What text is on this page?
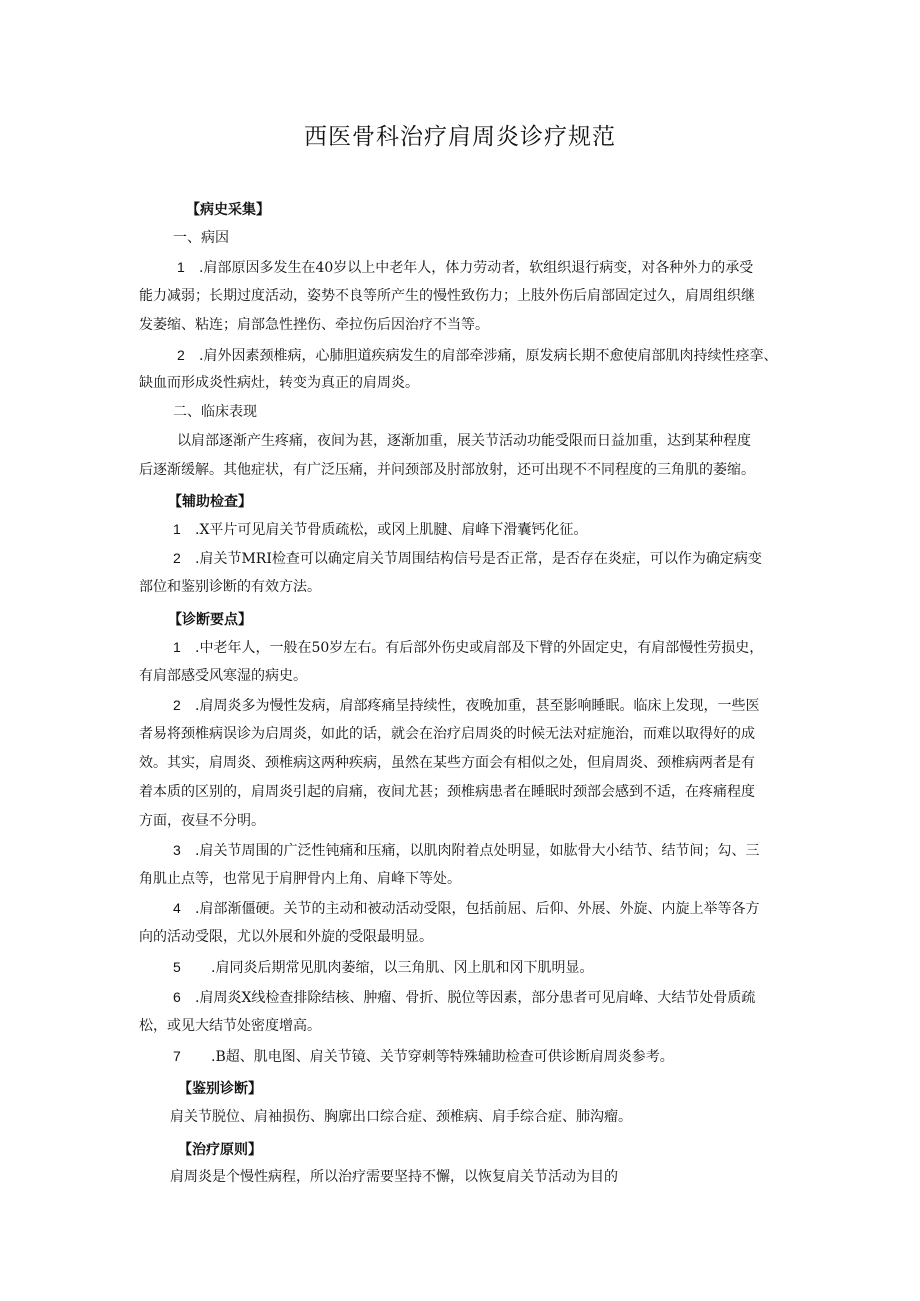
西医骨科治疗肩周炎诊疗规范
【病史采集】

一、病因

1 .肩部原因多发生在40岁以上中老年人，体力劳动者，软组织退行病变，对各种外力的承受

能力减弱；长期过度活动，姿势不良等所产生的慢性致伤力；上肢外伤后肩部固定过久，肩周组织继

发萎缩、粘连；肩部急性挫伤、牵拉伤后因治疗不当等。

2 .肩外因素颈椎病，心肺胆道疾病发生的肩部牵涉痛，原发病长期不愈使肩部肌肉持续性痉挛、

缺血而形成炎性病灶，转变为真正的肩周炎。

二、临床表现

以肩部逐渐产生疼痛，夜间为甚，逐渐加重，展关节活动功能受限而日益加重，达到某种程度

后逐渐缓解。其他症状，有广泛压痛，并问颈部及肘部放射，还可出现不不同程度的三角肌的萎缩。

【辅助检查】

1 .X平片可见肩关节骨质疏松，或冈上肌腱、肩峰下滑囊钙化征。

2 .肩关节MRI检查可以确定肩关节周围结构信号是否正常，是否存在炎症，可以作为确定病变

部位和鉴别诊断的有效方法。

【诊断要点】

1 .中老年人，一般在50岁左右。有后部外伤史或肩部及下臂的外固定史，有肩部慢性劳损史，

有肩部感受风寒湿的病史。

2 .肩周炎多为慢性发病，肩部疼痛呈持续性，夜晚加重，甚至影响睡眠。临床上发现，一些医

者易将颈椎病误诊为启周炎，如此的话，就会在治疗启周炎的时候无法对症施治，而难以取得好的成

效。其实，肩周炎、颈椎病这两种疾病，虽然在某些方面会有相似之处，但肩周炎、颈椎病两者是有

着本质的区别的，肩周炎引起的肩痛，夜间尤甚；颈椎病患者在睡眠时颈部会感到不适，在疼痛程度

方面，夜昼不分明。

3 .肩关节周围的广泛性钝痛和压痛，以肌肉附着点处明显，如肱骨大小结节、结节间；勾、三

角肌止点等，也常见于肩胛骨内上角、肩峰下等处。

4 .肩部渐僵硬。关节的主动和被动活动受限，包括前屈、后仰、外展、外旋、内旋上举等各方

向的活动受限，尤以外展和外旋的受限最明显。

5 .肩同炎后期常见肌肉萎缩，以三角肌、冈上肌和冈下肌明显。

6 .肩周炎X线检查排除结核、肿瘤、骨折、脱位等因素，部分患者可见肩峰、大结节处骨质疏

松，或见大结节处密度增高。

7 .B超、肌电图、肩关节镜、关节穿刺等特殊辅助检查可供诊断肩周炎参考。

【鉴别诊断】

肩关节脱位、肩袖损伤、胸廓出口综合症、颈椎病、肩手综合症、肺沟瘤。

【治疗原则】

肩周炎是个慢性病程，所以治疗需要坚持不懈，以恢复肩关节活动为目的
